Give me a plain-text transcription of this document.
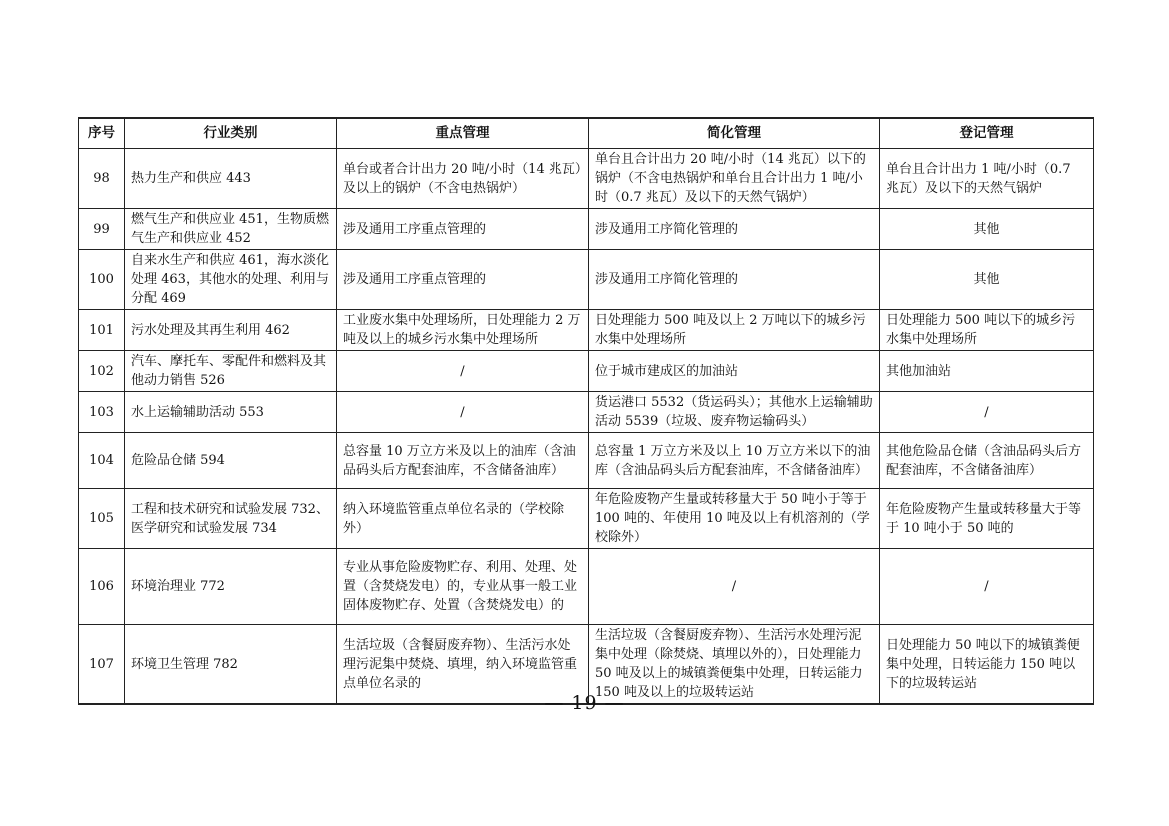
序号	行业类别	重点管理	简化管理	登记管理
98	热力生产和供应 443	单台或者合计出力 20 吨/小时（14 兆瓦）及以上的锅炉（不含电热锅炉）	单台且合计出力 20 吨/小时（14 兆瓦）以下的锅炉（不含电热锅炉和单台且合计出力 1 吨/小时（0.7 兆瓦）及以下的天然气锅炉）	单台且合计出力 1 吨/小时（0.7 兆瓦）及以下的天然气锅炉
99	燃气生产和供应业 451，生物质燃气生产和供应业 452	涉及通用工序重点管理的	涉及通用工序简化管理的	其他
100	自来水生产和供应 461，海水淡化处理 463，其他水的处理、利用与分配 469	涉及通用工序重点管理的	涉及通用工序简化管理的	其他
101	污水处理及其再生利用 462	工业废水集中处理场所，日处理能力 2 万吨及以上的城乡污水集中处理场所	日处理能力 500 吨及以上 2 万吨以下的城乡污水集中处理场所	日处理能力 500 吨以下的城乡污水集中处理场所
102	汽车、摩托车、零配件和燃料及其他动力销售 526	/	位于城市建成区的加油站	其他加油站
103	水上运输辅助活动 553	/	货运港口 5532（货运码头）；其他水上运输辅助活动 5539（垃圾、废弃物运输码头）	/
104	危险品仓储 594	总容量 10 万立方米及以上的油库（含油品码头后方配套油库，不含储备油库）	总容量 1 万立方米及以上 10 万立方米以下的油库（含油品码头后方配套油库，不含储备油库）	其他危险品仓储（含油品码头后方配套油库，不含储备油库）
105	工程和技术研究和试验发展 732、医学研究和试验发展 734	纳入环境监管重点单位名录的（学校除外）	年危险废物产生量或转移量大于 50 吨小于等于 100 吨的、年使用 10 吨及以上有机溶剂的（学校除外）	年危险废物产生量或转移量大于等于 10 吨小于 50 吨的
106	环境治理业 772	专业从事危险废物贮存、利用、处理、处置（含焚烧发电）的，专业从事一般工业固体废物贮存、处置（含焚烧发电）的	/	/
107	环境卫生管理 782	生活垃圾（含餐厨废弃物）、生活污水处理污泥集中焚烧、填埋，纳入环境监管重点单位名录的	生活垃圾（含餐厨废弃物）、生活污水处理污泥集中处理（除焚烧、填埋以外的），日处理能力 50 吨及以上的城镇粪便集中处理，日转运能力 150 吨及以上的垃圾转运站	日处理能力 50 吨以下的城镇粪便集中处理，日转运能力 150 吨以下的垃圾转运站
— 19 —
